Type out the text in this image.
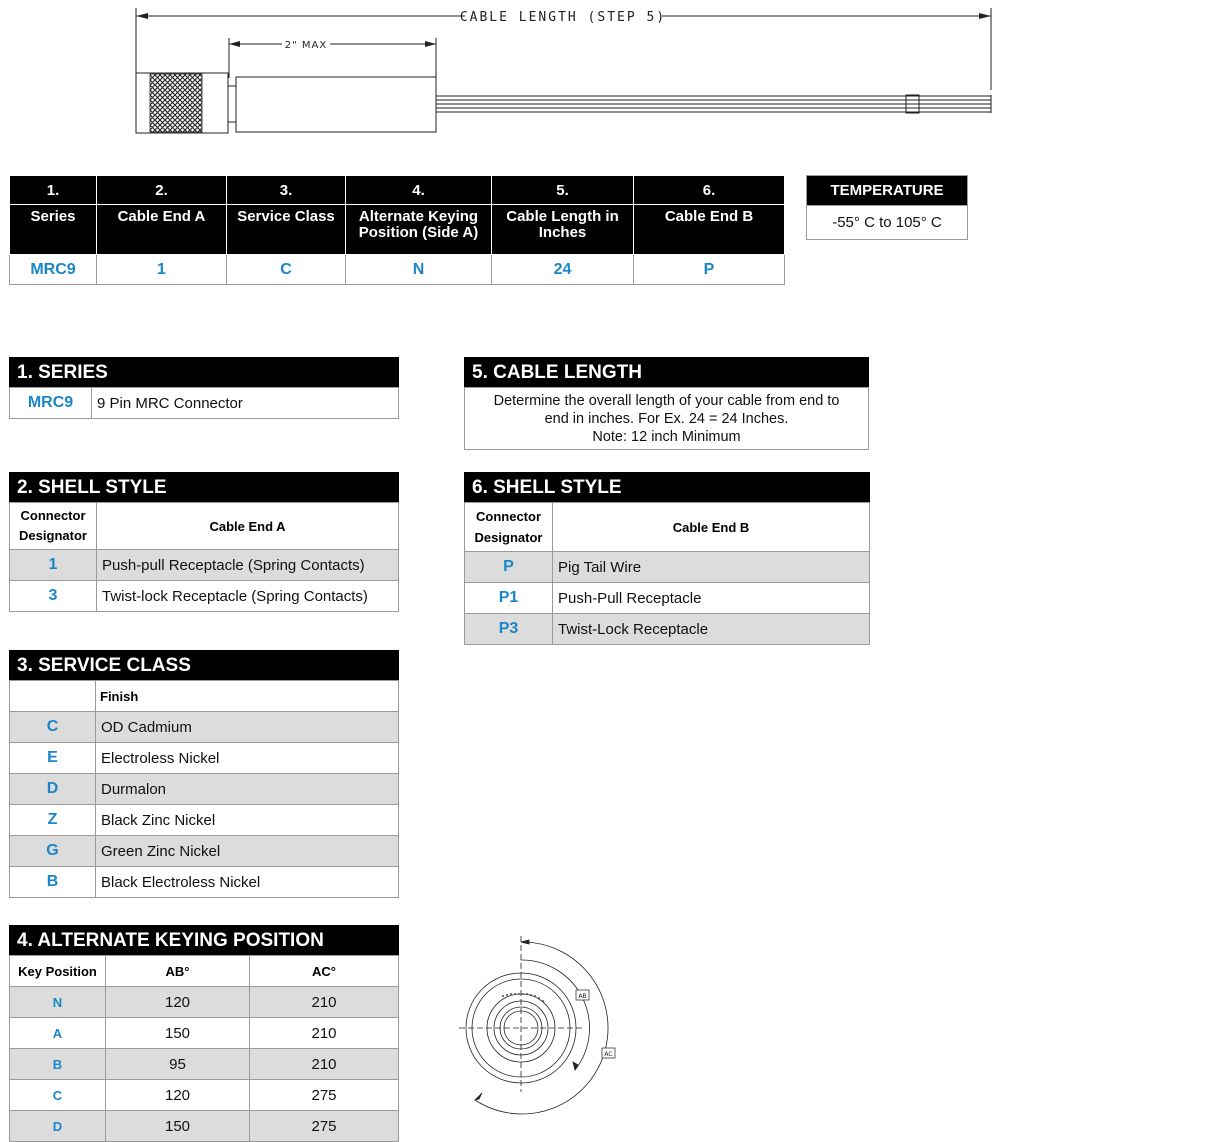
CABLE LENGTH (STEP 5)
2" MAX
1.	2.	3.	4.	5.	6.
Series	Cable End A	Service Class	Alternate Keying Position (Side A)	Cable Length in Inches	Cable End B
MRC9	1	C	N	24	P
TEMPERATURE
-55° C to 105° C
1. SERIES
MRC9	9 Pin MRC Connector
5. CABLE LENGTH
Determine the overall length of your cable from end to
end in inches. For Ex. 24 = 24 Inches.
Note: 12 inch Minimum
2. SHELL STYLE
Connector
Designator	Cable End A
1	Push-pull Receptacle (Spring Contacts)
3	Twist-lock Receptacle (Spring Contacts)
6. SHELL STYLE
Connector
Designator	Cable End B
P	Pig Tail Wire
P1	Push-Pull Receptacle
P3	Twist-Lock Receptacle
3. SERVICE CLASS
	Finish
C	OD Cadmium
E	Electroless Nickel
D	Durmalon
Z	Black Zinc Nickel
G	Green Zinc Nickel
B	Black Electroless Nickel
4. ALTERNATE KEYING POSITION
Key Position	AB°	AC°
N	120	210
A	150	210
B	95	210
C	120	275
D	150	275
AB
AC
